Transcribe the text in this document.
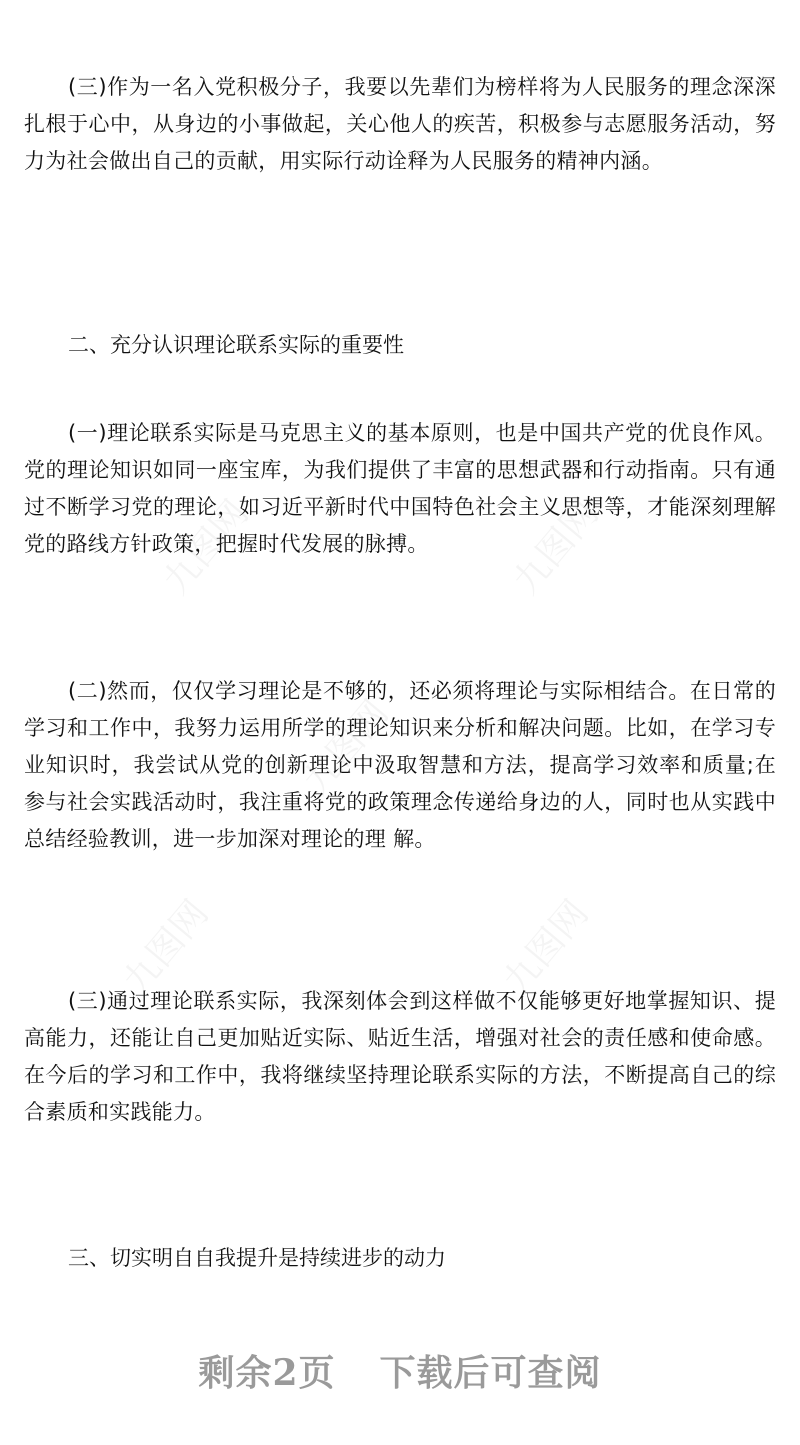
(三)作为一名入党积极分子，我要以先辈们为榜样将为人民服务的理念深深扎根于心中，从身边的小事做起，关心他人的疾苦，积极参与志愿服务活动，努力为社会做出自己的贡献，用实际行动诠释为人民服务的精神内涵。

二、充分认识理论联系实际的重要性

(一)理论联系实际是马克思主义的基本原则，也是中国共产党的优良作风。党的理论知识如同一座宝库，为我们提供了丰富的思想武器和行动指南。只有通过不断学习党的理论，如习近平新时代中国特色社会主义思想等，才能深刻理解党的路线方针政策，把握时代发展的脉搏。

(二)然而，仅仅学习理论是不够的，还必须将理论与实际相结合。在日常的学习和工作中，我努力运用所学的理论知识来分析和解决问题。比如，在学习专业知识时，我尝试从党的创新理论中汲取智慧和方法，提高学习效率和质量;在参与社会实践活动时，我注重将党的政策理念传递给身边的人，同时也从实践中总结经验教训，进一步加深对理论的理 解。

(三)通过理论联系实际，我深刻体会到这样做不仅能够更好地掌握知识、提高能力，还能让自己更加贴近实际、贴近生活，增强对社会的责任感和使命感。在今后的学习和工作中，我将继续坚持理论联系实际的方法，不断提高自己的综合素质和实践能力。

三、切实明自自我提升是持续进步的动力

九图网	九图网
九图网
九图网	九图网
剩余2页 下载后可查阅
